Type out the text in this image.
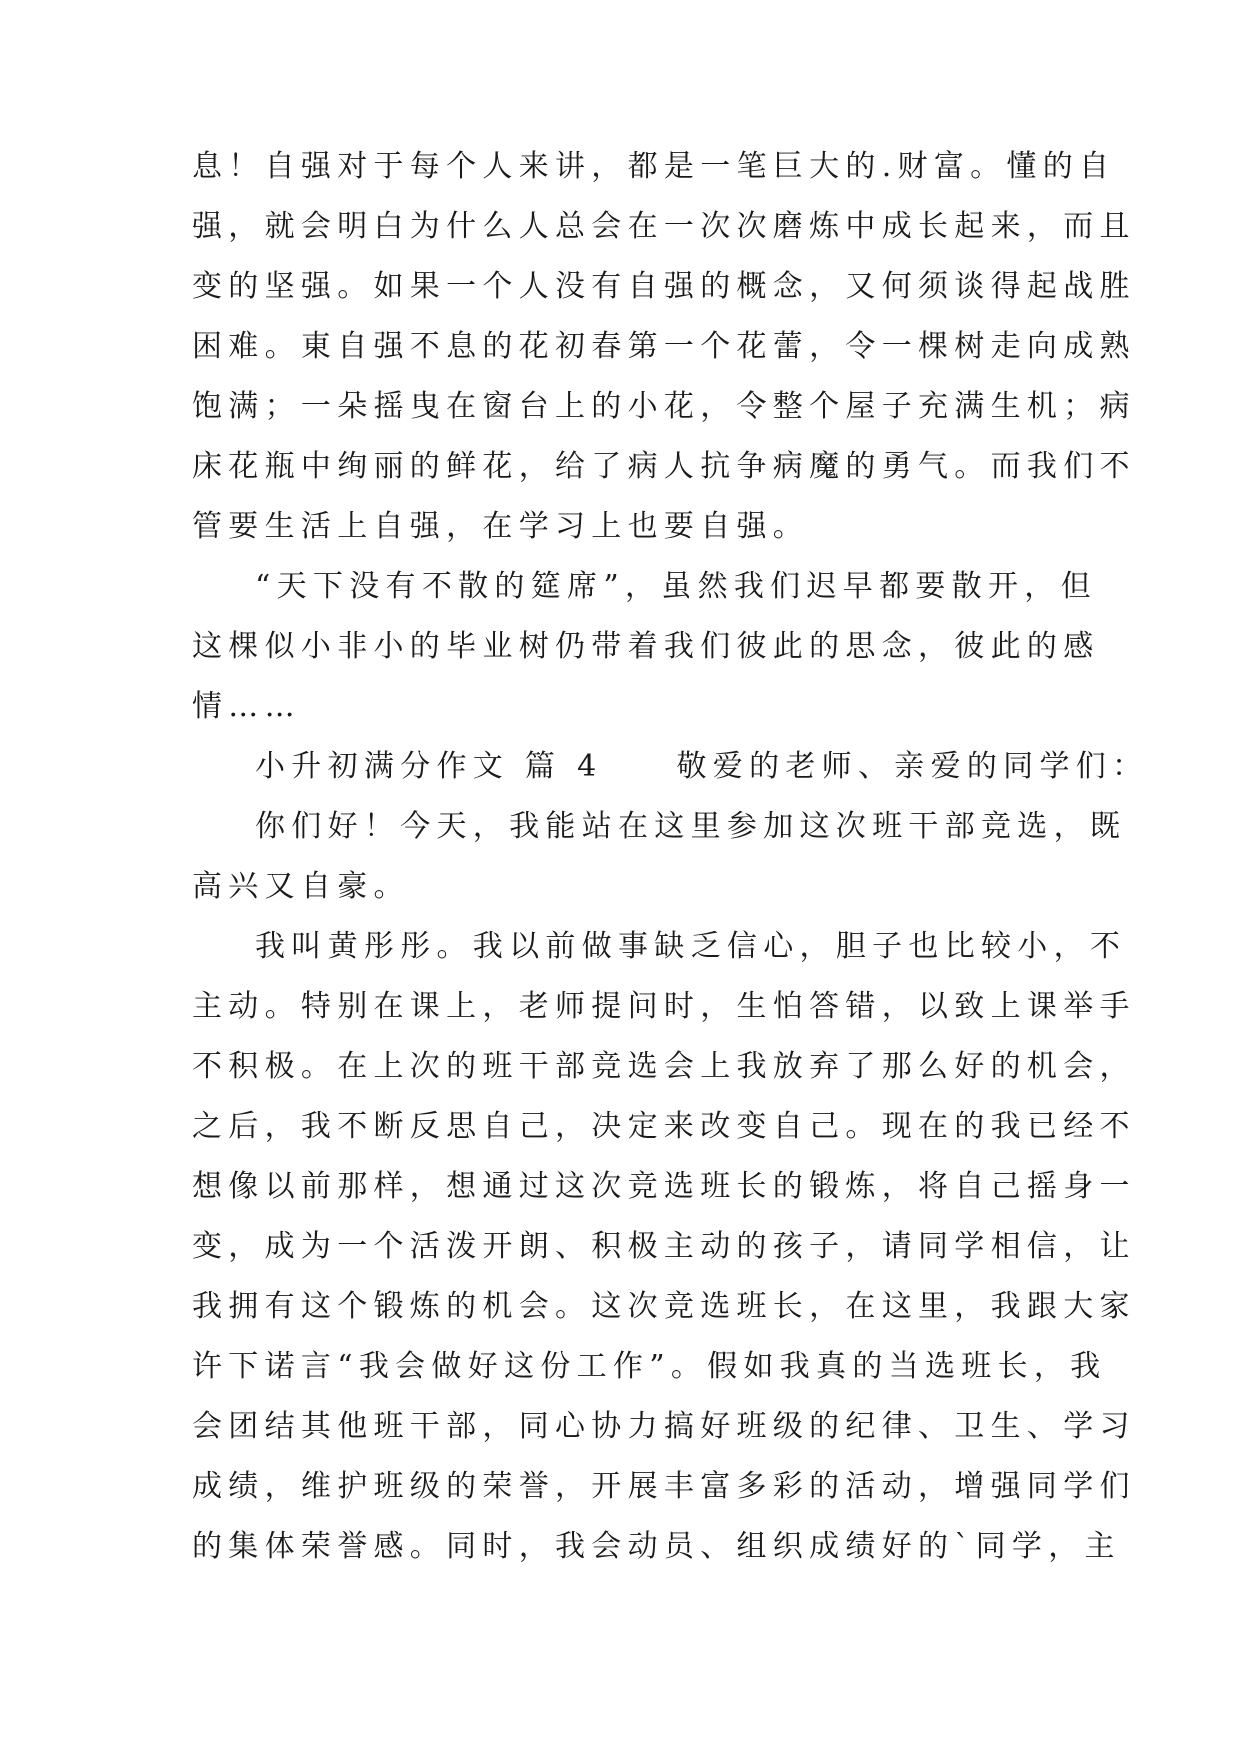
息！自强对于每个人来讲，都是一笔巨大的.财富。懂的自
强，就会明白为什么人总会在一次次磨炼中成长起来，而且
变的坚强。如果一个人没有自强的概念，又何须谈得起战胜
困难。東自强不息的花初春第一个花蕾，令一棵树走向成熟
饱满；一朵摇曳在窗台上的小花，令整个屋子充满生机；病
床花瓶中绚丽的鲜花，给了病人抗争病魔的勇气。而我们不
管要生活上自强，在学习上也要自强。
“天下没有不散的筵席”，虽然我们迟早都要散开，但
这棵似小非小的毕业树仍带着我们彼此的思念，彼此的感
情……
小升初满分作文 篇 4 敬爱的老师、亲爱的同学们：
你们好！今天，我能站在这里参加这次班干部竞选，既
高兴又自豪。
我叫黄彤彤。我以前做事缺乏信心，胆子也比较小，不
主动。特别在课上，老师提问时，生怕答错，以致上课举手
不积极。在上次的班干部竞选会上我放弃了那么好的机会，
之后，我不断反思自己，决定来改变自己。现在的我已经不
想像以前那样，想通过这次竞选班长的锻炼，将自己摇身一
变，成为一个活泼开朗、积极主动的孩子，请同学相信，让
我拥有这个锻炼的机会。这次竞选班长，在这里，我跟大家
许下诺言“我会做好这份工作”。假如我真的当选班长，我
会团结其他班干部，同心协力搞好班级的纪律、卫生、学习
成绩，维护班级的荣誉，开展丰富多彩的活动，增强同学们
的集体荣誉感。同时，我会动员、组织成绩好的`同学，主
